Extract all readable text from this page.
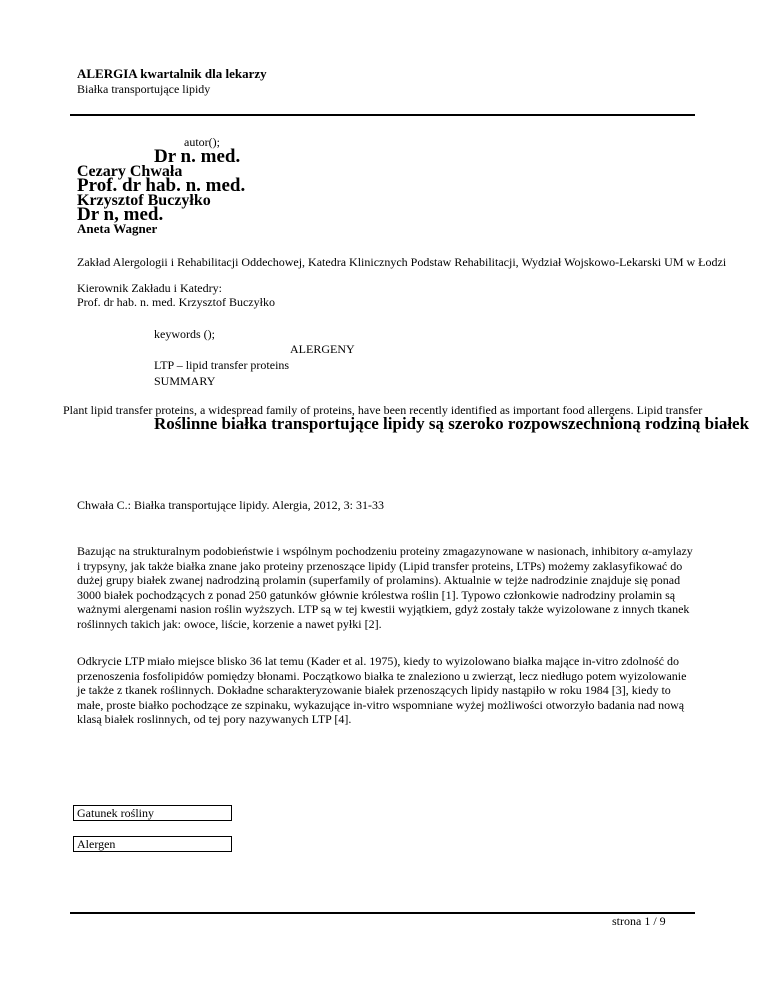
ALERGIA kwartalnik dla lekarzy
Białka transportujące lipidy
autor();
Dr n. med.
Cezary Chwała
Prof. dr hab. n. med.
Krzysztof Buczyłko
Dr n, med.
Aneta Wagner
Zakład Alergologii i Rehabilitacji Oddechowej, Katedra Klinicznych Podstaw Rehabilitacji, Wydział Wojskowo-Lekarski UM w Łodzi
Kierownik Zakładu i Katedry:
Prof. dr hab. n. med. Krzysztof Buczyłko
keywords ();
ALERGENY
LTP – lipid transfer proteins
SUMMARY
Plant lipid transfer proteins, a widespread family of proteins, have been recently identified as important food allergens. Lipid transfer
Roślinne białka transportujące lipidy są szeroko rozpowszechnioną rodziną białek
Chwała C.: Białka transportujące lipidy. Alergia, 2012, 3: 31-33

Bazując na strukturalnym podobieństwie i wspólnym pochodzeniu proteiny zmagazynowane w nasionach, inhibitory α-amylazy i trypsyny, jak także białka znane jako proteiny przenoszące lipidy (Lipid transfer proteins, LTPs) możemy zaklasyfikować do dużej grupy białek zwanej nadrodziną prolamin (superfamily of prolamins). Aktualnie w tejże nadrodzinie znajduje się ponad 3000 białek pochodzących z ponad 250 gatunków głównie królestwa roślin [1]. Typowo członkowie nadrodziny prolamin są ważnymi alergenami nasion roślin wyższych. LTP są w tej kwestii wyjątkiem, gdyż zostały także wyizolowane z innych tkanek roślinnych takich jak: owoce, liście, korzenie a nawet pyłki [2].

Odkrycie LTP miało miejsce blisko 36 lat temu (Kader et al. 1975), kiedy to wyizolowano białka mające in-vitro zdolność do przenoszenia fosfolipidów pomiędzy błonami. Początkowo białka te znaleziono u zwierząt, lecz niedługo potem wyizolowanie je także z tkanek roślinnych. Dokładne scharakteryzowanie białek przenoszących lipidy nastąpiło w roku 1984 [3], kiedy to małe, proste białko pochodzące ze szpinaku, wykazujące in-vitro wspomniane wyżej możliwości otworzyło badania nad nową klasą białek roslinnych, od tej pory nazywanych LTP [4].

Gatunek rośliny
Alergen
strona 1 / 9
